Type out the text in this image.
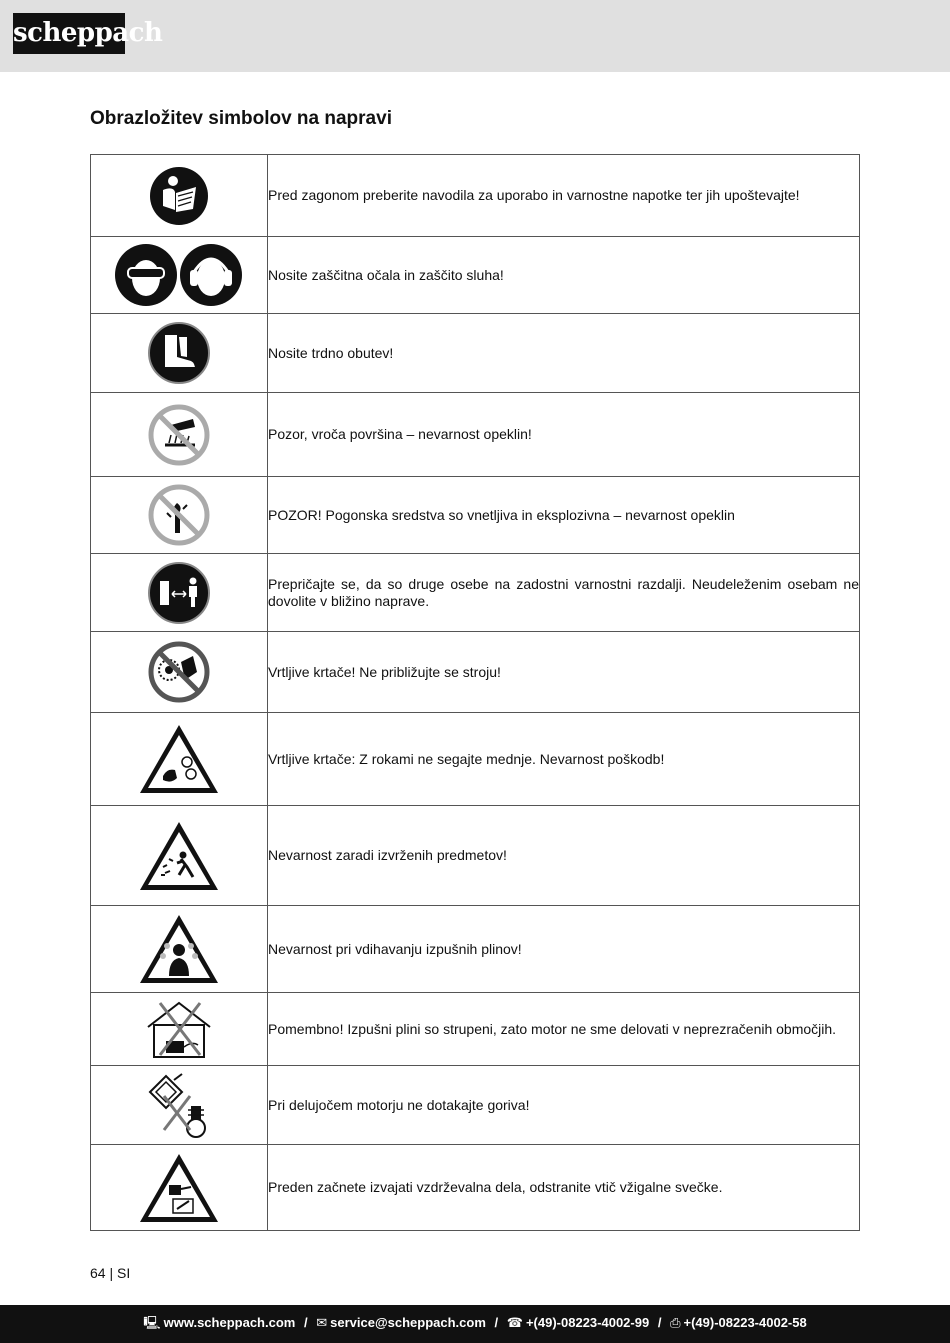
scheppach
Obrazložitev simbolov na napravi
	Pred zagonom preberite navodila za uporabo in varnostne napotke ter jih upoštevajte!

	Nosite zaščitna očala in zaščito sluha!

	Nosite trdno obutev!

	Pozor, vroča površina – nevarnost opeklin!

	POZOR! Pogonska sredstva so vnetljiva in eksplozivna – nevarnost opeklin

	Prepričajte se, da so druge osebe na zadostni varnostni razdalji. Neudeleženim osebam ne dovolite v bližino naprave.

	Vrtljive krtače! Ne približujte se stroju!

	Vrtljive krtače: Z rokami ne segajte mednje. Nevarnost poškodb!

	Nevarnost zaradi izvrženih predmetov!

	Nevarnost pri vdihavanju izpušnih plinov!

	Pomembno! Izpušni plini so strupeni, zato motor ne sme delovati v neprezračenih območjih.

	Pri delujočem motorju ne dotakajte goriva!

	Preden začnete izvajati vzdrževalna dela, odstranite vtič vžigalne svečke.
64 | SI
🖳︎ www.scheppach.com / ✉︎ service@scheppach.com / ☎︎ +(49)-08223-4002-99 / ⎙ +(49)-08223-4002-58
